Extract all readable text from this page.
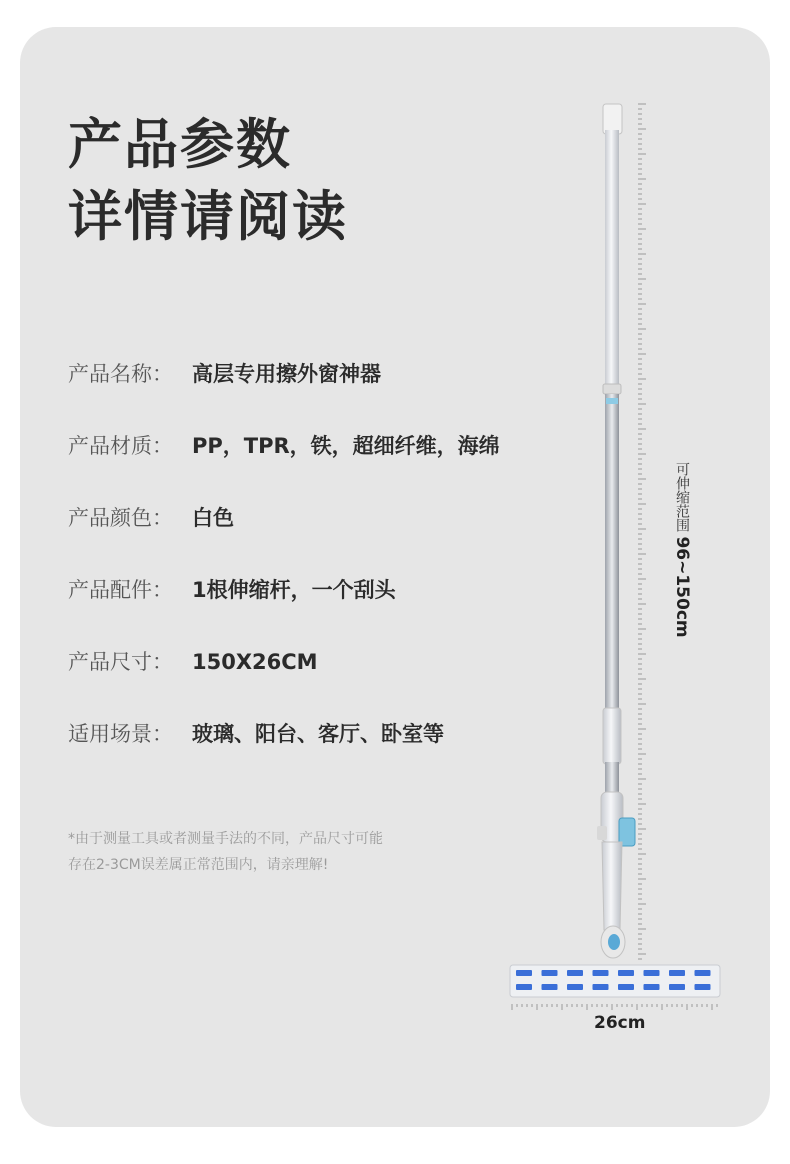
产品参数
详情请阅读
产品名称： 高层专用擦外窗神器
产品材质： PP，TPR，铁，超细纤维，海绵
产品颜色： 白色
产品配件： 1根伸缩杆，一个刮头
产品尺寸： 150X26CM
适用场景： 玻璃、阳台、客厅、卧室等
*由于测量工具或者测量手法的不同，产品尺寸可能
存在2-3CM误差属正常范围内，请亲理解!
可伸缩范围 96~150cm
26cm
